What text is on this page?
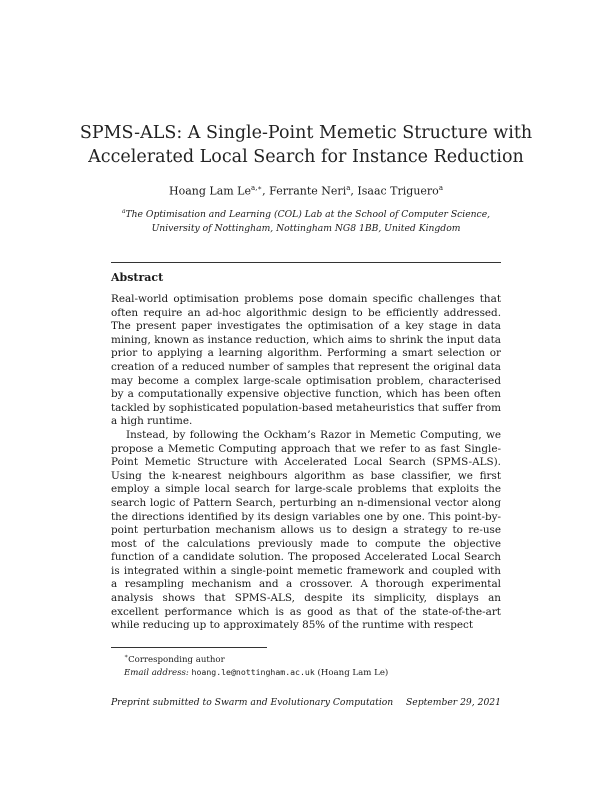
SPMS-ALS: A Single-Point Memetic Structure with
Accelerated Local Search for Instance Reduction
Hoang Lam $Le^{a,∗}$, Ferrante Neri$^a$, Isaac Triguero$^a$
$^a$The Optimisation and Learning (COL) Lab at the School of Computer Science,
University of Nottingham, Nottingham NG8 1BB, United Kingdom
Abstract

Real-world optimisation problems pose domain specific challenges that often require an ad-hoc algorithmic design to be efficiently addressed. The present paper investigates the optimisation of a key stage in data mining, known as instance reduction, which aims to shrink the input data prior to applying a learning algorithm. Performing a smart selection or creation of a reduced number of samples that represent the original data may become a complex large-scale optimisation problem, characterised by a computationally expensive objective function, which has been often tackled by sophisticated population-based metaheuristics that suffer from a high runtime.

Instead, by following the Ockham’s Razor in Memetic Computing, we propose a Memetic Computing approach that we refer to as fast Single-Point Memetic Structure with Accelerated Local Search (SPMS-ALS). Using the k-nearest neighbours algorithm as base classifier, we first employ a simple local search for large-scale problems that exploits the search logic of Pattern Search, perturbing an n-dimensional vector along the directions identified by its design variables one by one. This point-by-point perturbation mechanism allows us to design a strategy to re-use most of the calculations previously made to compute the objective function of a candidate solution. The proposed Accelerated Local Search is integrated within a single-point memetic framework and coupled with a resampling mechanism and a crossover. A thorough experimental analysis shows that SPMS-ALS, despite its simplicity, displays an excellent performance which is as good as that of the state-of-the-art while reducing up to approximately 85% of the runtime with respect

∗Corresponding author
Email address: hoang.le@nottingham.ac.uk (Hoang Lam Le)
Preprint submitted to Swarm and Evolutionary Computation September 29, 2021
